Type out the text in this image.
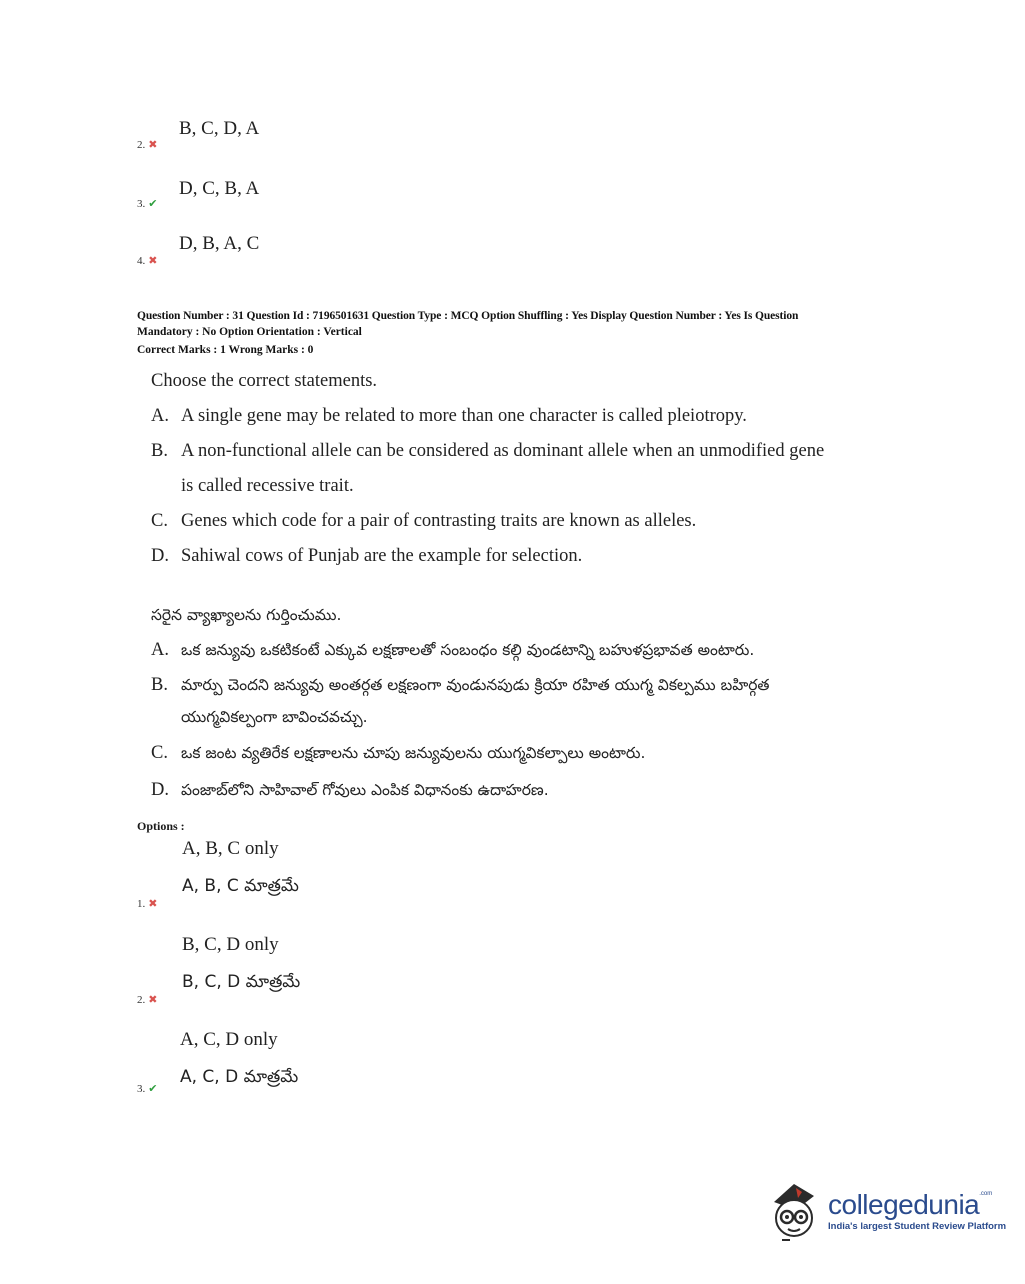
B, C, D, A
2. ✖
D, C, B, A
3. ✔
D, B, A, C
4. ✖
Question Number : 31 Question Id : 7196501631 Question Type : MCQ Option Shuffling : Yes Display Question Number : Yes Is Question
Mandatory : No Option Orientation : Vertical
Correct Marks : 1 Wrong Marks : 0
Choose the correct statements.
A. A single gene may be related to more than one character is called pleiotropy.
B. A non-functional allele can be considered as dominant allele when an unmodified gene
is called recessive trait.
C. Genes which code for a pair of contrasting traits are known as alleles.
D. Sahiwal cows of Punjab are the example for selection.
సరైన వ్యాఖ్యాలను గుర్తించుము.
A. ఒక జన్యువు ఒకటికంటే ఎక్కువ లక్షణాలతో సంబంధం కల్గి వుండటాన్ని బహుళప్రభావత అంటారు.
B. మార్పు చెందని జన్యువు అంతర్గత లక్షణంగా వుండునపుడు క్రియా రహిత యుగ్మ వికల్పము బహిర్గత
యుగ్మవికల్పంగా బావించవచ్చు.
C. ఒక జంట వ్యతిరేక లక్షణాలను చూపు జన్యువులను యుగ్మవికల్పాలు అంటారు.
D. పంజాబ్‌లోని సాహివాల్ గోవులు ఎంపిక విధానంకు ఉదాహరణ.
Options :
A, B, C only
A, B, C మాత్రమే
1. ✖
B, C, D only
B, C, D మాత్రమే
2. ✖
A, C, D only
A, C, D మాత్రమే
3. ✔
collegedunia$^{.com}$
India's largest Student Review Platform
